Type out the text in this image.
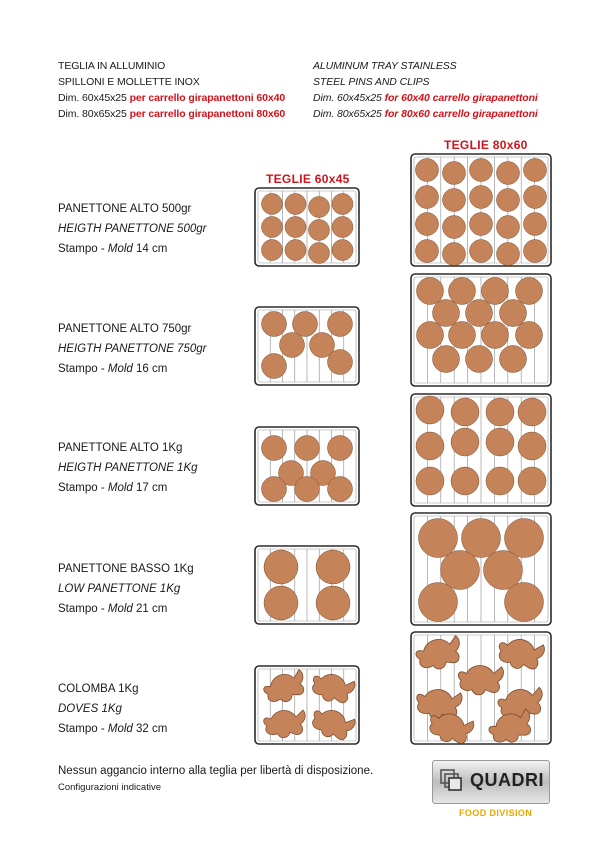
TEGLIA IN ALLUMINIO
SPILLONI E MOLLETTE INOX
Dim. 60x45x25 per carrello girapanettoni 60x40
Dim. 80x65x25 per carrello girapanettoni 80x60
ALUMINUM TRAY STAINLESS
STEEL PINS AND CLIPS
Dim. 60x45x25 for 60x40 carrello girapanettoni
Dim. 80x65x25 for 80x60 carrello girapanettoni
TEGLIE 60x45
TEGLIE 80x60
PANETTONE ALTO 500gr
HEIGTH PANETTONE 500gr
Stampo - Mold 14 cm
PANETTONE ALTO 750gr
HEIGTH PANETTONE 750gr
Stampo - Mold 16 cm
PANETTONE ALTO 1Kg
HEIGTH PANETTONE 1Kg
Stampo - Mold 17 cm
PANETTONE BASSO 1Kg
LOW PANETTONE 1Kg
Stampo - Mold 21 cm
COLOMBA 1Kg
DOVES 1Kg
Stampo - Mold 32 cm
Nessun aggancio interno alla teglia per libertà di disposizione.
Configurazioni indicative	QUADRI
FOOD DIVISION
